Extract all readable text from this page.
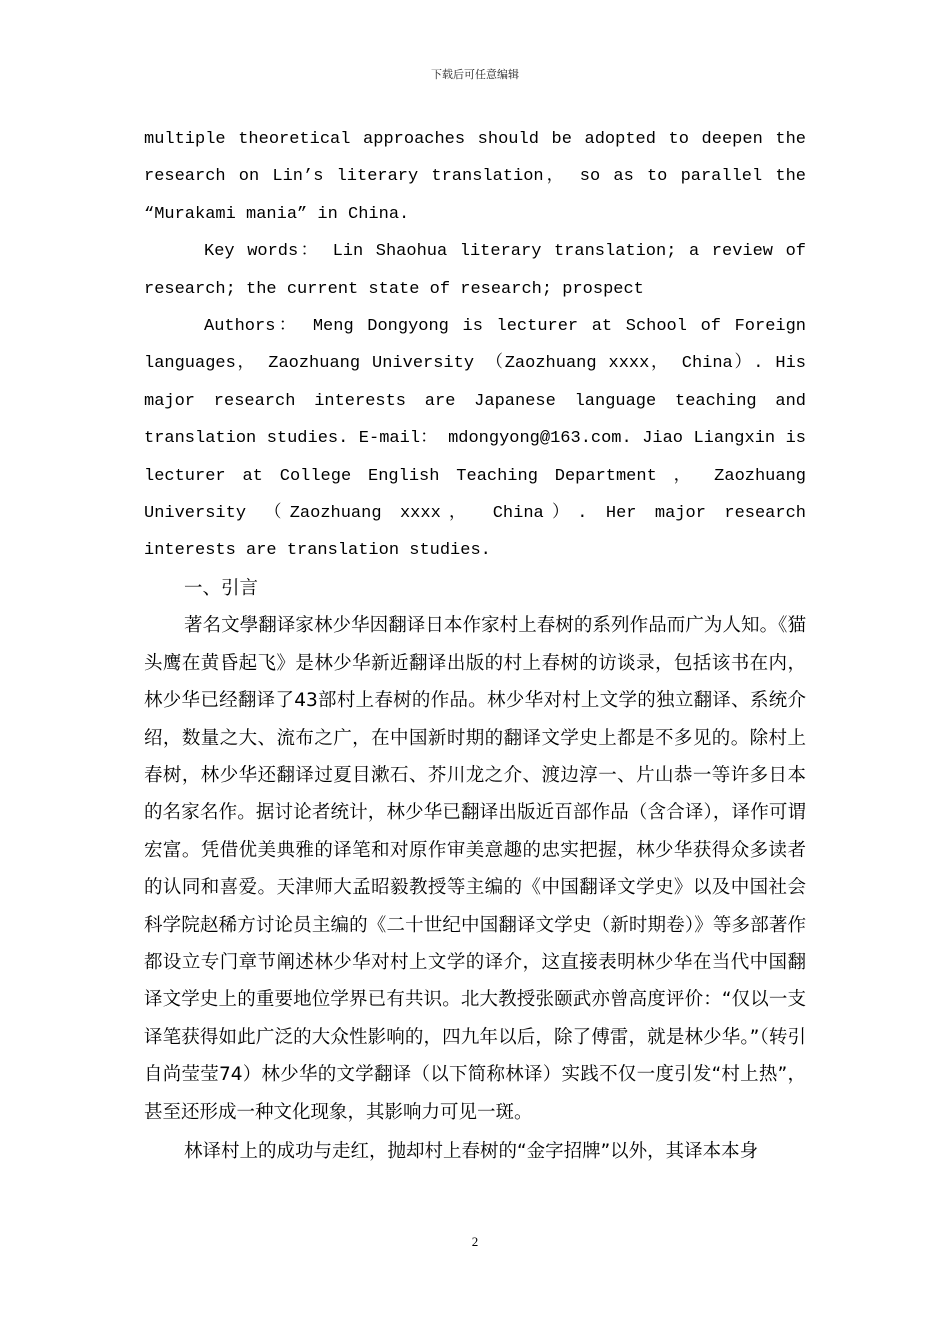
下载后可任意编辑

multiple theoretical approaches should be adopted to deepen the research on Lin’s literary translation， so as to parallel the “Murakami mania” in China.

Key words： Lin Shaohua literary translation; a review of research; the current state of research; prospect

Authors： Meng Dongyong is lecturer at School of Foreign languages， Zaozhuang University （Zaozhuang xxxx， China）. His major research interests are Japanese language teaching and translation studies. E-mail： mdongyong@163.com. Jiao Liangxin is lecturer at College English Teaching Department ， Zaozhuang University （Zaozhuang xxxx， China）. Her major research interests are translation studies.

一、引言

著名文學翻译家林少华因翻译日本作家村上春树的系列作品而广为人知。《猫头鹰在黄昏起飞》是林少华新近翻译出版的村上春树的访谈录，包括该书在内，林少华已经翻译了43部村上春树的作品。林少华对村上文学的独立翻译、系统介绍，数量之大、流布之广，在中国新时期的翻译文学史上都是不多见的。除村上春树，林少华还翻译过夏目漱石、芥川龙之介、渡边淳一、片山恭一等许多日本的名家名作。据讨论者统计，林少华已翻译出版近百部作品（含合译），译作可谓宏富。凭借优美典雅的译笔和对原作审美意趣的忠实把握，林少华获得众多读者的认同和喜爱。天津师大孟昭毅教授等主编的《中国翻译文学史》以及中国社会科学院赵稀方讨论员主编的《二十世纪中国翻译文学史（新时期卷）》等多部著作都设立专门章节阐述林少华对村上文学的译介，这直接表明林少华在当代中国翻译文学史上的重要地位学界已有共识。北大教授张颐武亦曾高度评价：“仅以一支译笔获得如此广泛的大众性影响的，四九年以后，除了傅雷，就是林少华。”（转引自尚莹莹74）林少华的文学翻译（以下简称林译）实践不仅一度引发“村上热”，甚至还形成一种文化现象，其影响力可见一斑。

林译村上的成功与走红，抛却村上春树的“金字招牌”以外，其译本本身

2
